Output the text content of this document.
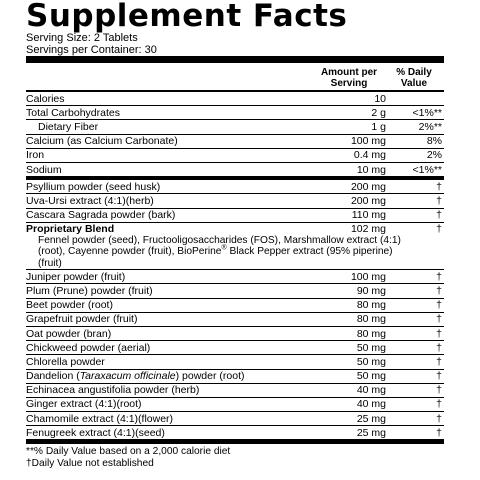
Supplement Facts
Serving Size: 2 Tablets
Servings per Container: 30
Amount per Serving
% Daily Value
Calories	10
Total Carbohydrates	2 g	<1%**
Dietary Fiber	1 g	2%**
Calcium (as Calcium Carbonate)	100 mg	8%
Iron	0.4 mg	2%
Sodium	10 mg	<1%**
Psyllium powder (seed husk)	200 mg	†
Uva-Ursi extract (4:1)(herb)	200 mg	†
Cascara Sagrada powder (bark)	110 mg	†
Proprietary Blend	102 mg	†
Fennel powder (seed), Fructooligosaccharides (FOS), Marshmallow extract (4:1)(root), Cayenne powder (fruit), BioPerine® Black Pepper extract (95% piperine)(fruit)
Juniper powder (fruit)	100 mg	†
Plum (Prune) powder (fruit)	90 mg	†
Beet powder (root)	80 mg	†
Grapefruit powder (fruit)	80 mg	†
Oat powder (bran)	80 mg	†
Chickweed powder (aerial)	50 mg	†
Chlorella powder	50 mg	†
Dandelion (Taraxacum officinale) powder (root)	50 mg	†
Echinacea angustifolia powder (herb)	40 mg	†
Ginger extract (4:1)(root)	40 mg	†
Chamomile extract (4:1)(flower)	25 mg	†
Fenugreek extract (4:1)(seed)	25 mg	†
**% Daily Value based on a 2,000 calorie diet
†Daily Value not established
